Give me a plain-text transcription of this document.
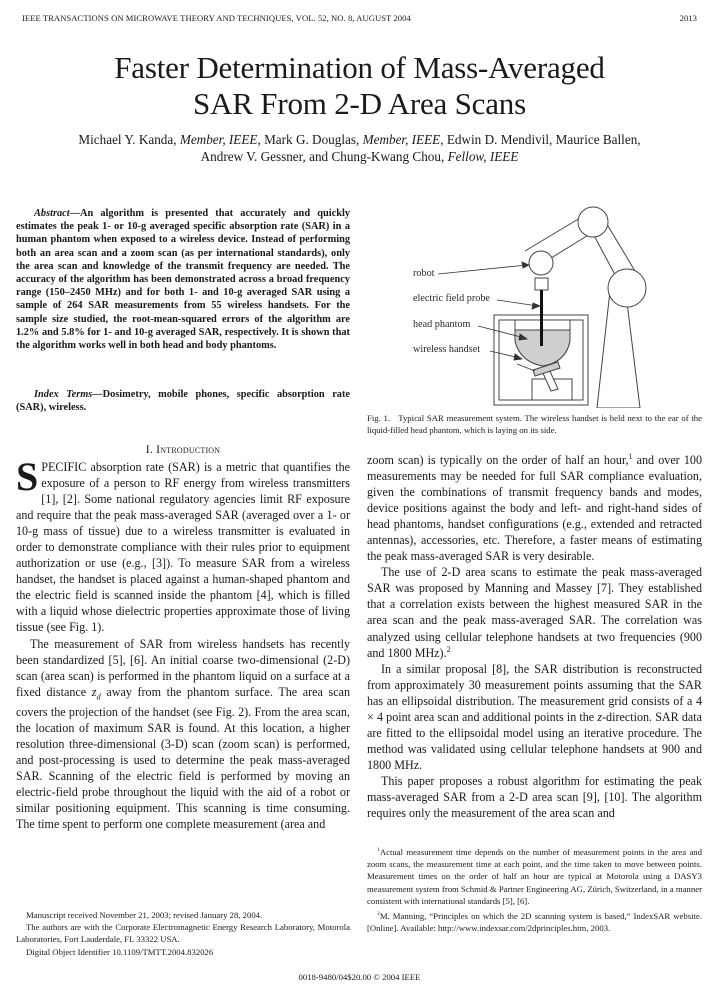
IEEE TRANSACTIONS ON MICROWAVE THEORY AND TECHNIQUES, VOL. 52, NO. 8, AUGUST 2004	2013
Faster Determination of Mass-Averaged
SAR From 2-D Area Scans
Michael Y. Kanda, Member, IEEE, Mark G. Douglas, Member, IEEE, Edwin D. Mendivil, Maurice Ballen,
Andrew V. Gessner, and Chung-Kwang Chou, Fellow, IEEE
Abstract—An algorithm is presented that accurately and quickly estimates the peak 1- or 10-g averaged specific absorption rate (SAR) in a human phantom when exposed to a wireless device. Instead of performing both an area scan and a zoom scan (as per international standards), only the area scan and knowledge of the transmit frequency are needed. The accuracy of the algorithm has been demonstrated across a broad frequency range (150–2450 MHz) and for both 1- and 10-g averaged SAR using a sample of 264 SAR measurements from 55 wireless handsets. For the sample size studied, the root-mean-squared errors of the algorithm are 1.2% and 5.8% for 1- and 10-g averaged SAR, respectively. It is shown that the algorithm works well in both head and body phantoms.
Index Terms—Dosimetry, mobile phones, specific absorption rate (SAR), wireless.
I. Introduction

SPECIFIC absorption rate (SAR) is a metric that quantifies the exposure of a person to RF energy from wireless transmitters [1], [2]. Some national regulatory agencies limit RF exposure and require that the peak mass-averaged SAR (averaged over a 1- or 10-g mass of tissue) due to a wireless transmitter is evaluated in order to demonstrate compliance with their rules prior to equipment authorization or use (e.g., [3]). To measure SAR from a wireless handset, the handset is placed against a human-shaped phantom and the electric field is scanned inside the phantom [4], which is filled with a liquid whose dielectric properties approximate those of living tissue (see Fig. 1).

The measurement of SAR from wireless handsets has recently been standardized [5], [6]. An initial coarse two-dimensional (2-D) scan (area scan) is performed in the phantom liquid on a surface at a fixed distance $z_d$ away from the phantom surface. The area scan covers the projection of the handset (see Fig. 2). From the area scan, the location of maximum SAR is found. At this location, a higher resolution three-dimensional (3-D) scan (zoom scan) is performed, and post-processing is used to determine the peak mass-averaged SAR. Scanning of the electric field is performed by moving an electric-field probe throughout the liquid with the aid of a robot or similar positioning equipment. This scanning is time consuming. The time spent to perform one complete measurement (area and

robot
electric field probe
head phantom
wireless handset
Fig. 1. Typical SAR measurement system. The wireless handset is held next to the ear of the liquid-filled head phantom, which is laying on its side.

zoom scan) is typically on the order of half an hour,$^1$ and over 100 measurements may be needed for full SAR compliance evaluation, given the combinations of transmit frequency bands and modes, device positions against the body and left- and right-hand sides of head phantoms, handset configurations (e.g., extended and retracted antennas), accessories, etc. Therefore, a faster means of estimating the peak mass-averaged SAR is very desirable.

The use of 2-D area scans to estimate the peak mass-averaged SAR was proposed by Manning and Massey [7]. They established that a correlation exists between the highest measured SAR in the area scan and the peak mass-averaged SAR. The correlation was analyzed using cellular telephone handsets at two frequencies (900 and 1800 MHz).$^2$

In a similar proposal [8], the SAR distribution is reconstructed from approximately 30 measurement points assuming that the SAR has an ellipsoidal distribution. The measurement grid consists of a 4 × 4 point area scan and additional points in the z-direction. SAR data are fitted to the ellipsoidal model using an iterative procedure. The method was validated using cellular telephone handsets at 900 and 1800 MHz.

This paper proposes a robust algorithm for estimating the peak mass-averaged SAR from a 2-D area scan [9], [10]. The algorithm requires only the measurement of the area scan and

$^1$Actual measurement time depends on the number of measurement points in the area and zoom scans, the measurement time at each point, and the time taken to move between points. Measurement times on the order of half an hour are typical at Motorola using a DASY3 measurement system from Schmid & Partner Engineering AG, Zürich, Switzerland, in a manner consistent with international standards [5], [6].

$^2$M. Manning, “Principles on which the 2D scanning system is based,” IndexSAR website. [Online]. Available: http://www.indexsar.com/2dprinciples.htm, 2003.

Manuscript received November 21, 2003; revised January 28, 2004.

The authors are with the Corporate Electromagnetic Energy Research Laboratory, Motorola Laboratories, Fort Lauderdale, FL 33322 USA.

Digital Object Identifier 10.1109/TMTT.2004.832026

0018-9480/04$20.00 © 2004 IEEE
